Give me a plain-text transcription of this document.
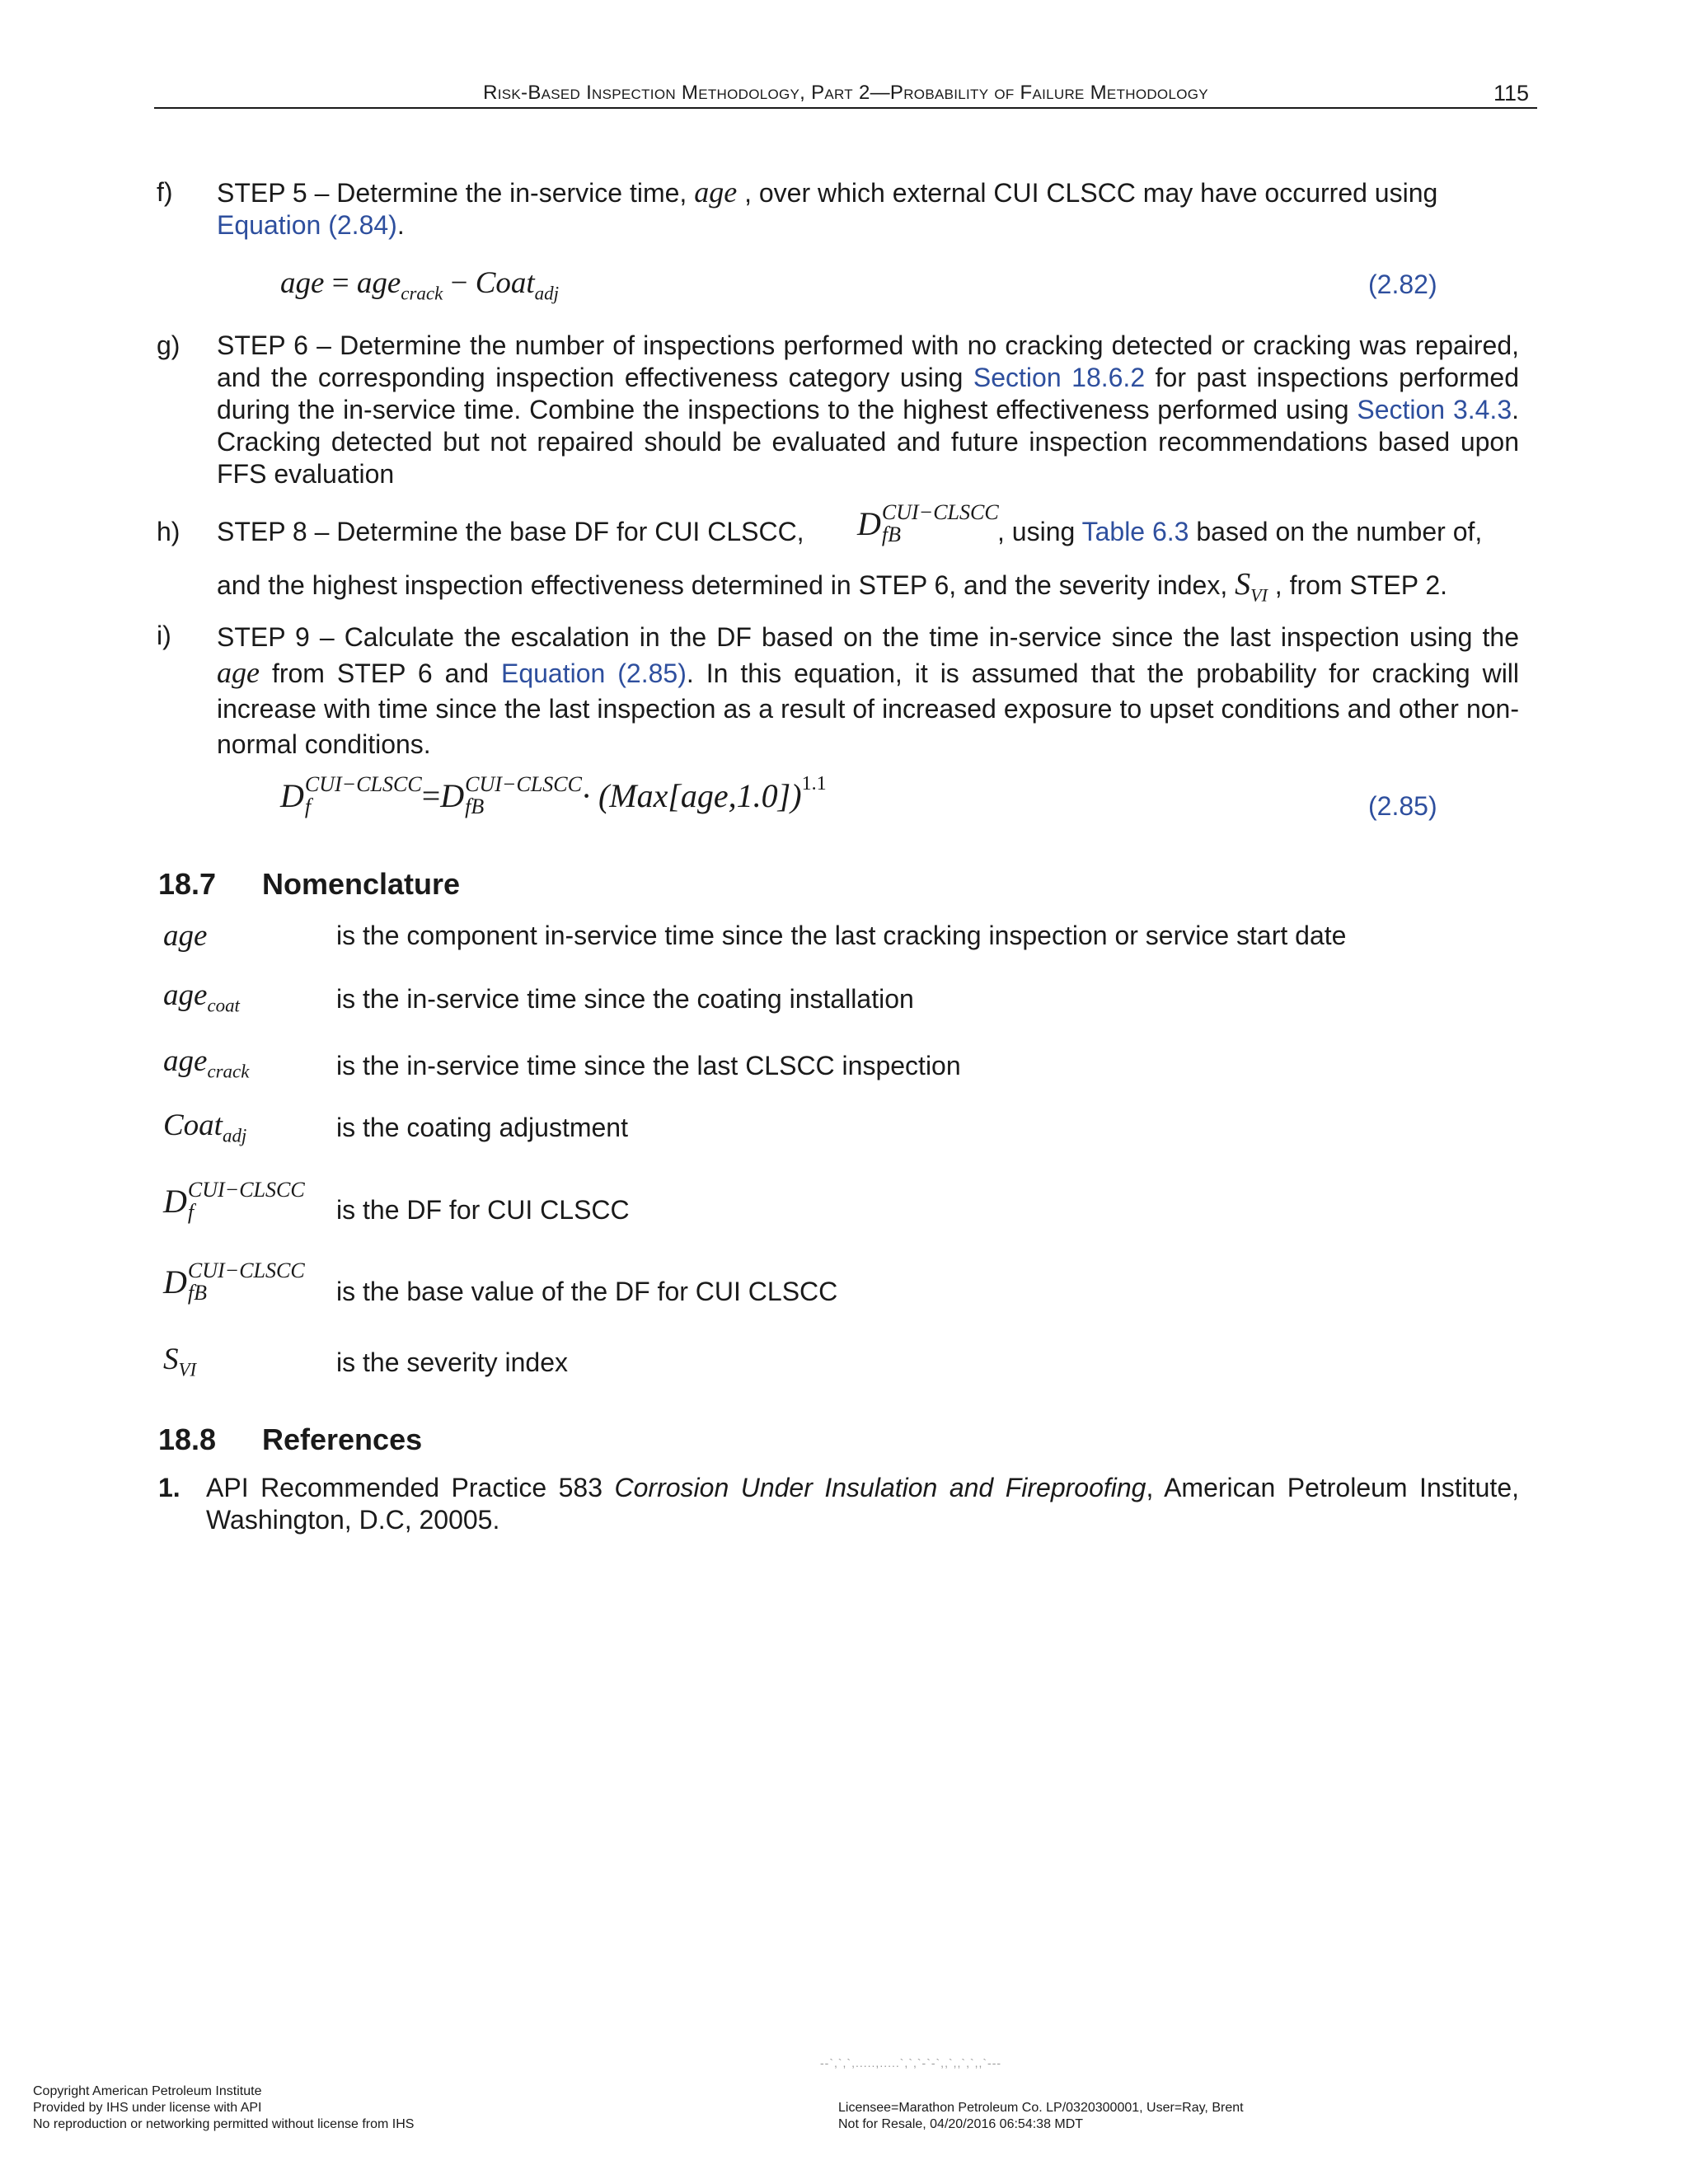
Risk-Based Inspection Methodology, Part 2—Probability of Failure Methodology	115
f) STEP 5 – Determine the in-service time, age , over which external CUI CLSCC may have occurred using
Equation (2.84).
age = age$_{crack}$ − Coat$_{adj}$	(2.82)
g) STEP 6 – Determine the number of inspections performed with no cracking detected or cracking was repaired, and the corresponding inspection effectiveness category using Section 18.6.2 for past inspections performed during the in-service time. Combine the inspections to the highest effectiveness performed using Section 3.4.3. Cracking detected but not repaired should be evaluated and future inspection recommendations based upon FFS evaluation
h) STEP 8 – Determine the base DF for CUI CLSCC,	D CUI−CLSCC
fB	, using Table 6.3 based on the number of,
and the highest inspection effectiveness determined in STEP 6, and the severity index, $S_{VI}$ , from STEP 2.
i) STEP 9 – Calculate the escalation in the DF based on the time in-service since the last inspection using the age from STEP 6 and Equation (2.85). In this equation, it is assumed that the probability for cracking will increase with time since the last inspection as a result of increased exposure to upset conditions and other non-normal conditions.
D CUI−CLSCC
f	= D CUI−CLSCC
fB	· $(Max[age,1.0])^{1.1}$
(2.85)
18.7 Nomenclature
age	is the component in-service time since the last cracking inspection or service start date
age$_{coat}$	is the in-service time since the coating installation
age$_{crack}$	is the in-service time since the last CLSCC inspection
Coat$_{adj}$	is the coating adjustment
D CUI−CLSCC
f	is the DF for CUI CLSCC
D CUI−CLSCC
fB	is the base value of the DF for CUI CLSCC
$S_{VI}$	is the severity index
18.8 References
1. API Recommended Practice 583 Corrosion Under Insulation and Fireproofing, American Petroleum Institute, Washington, D.C, 20005.
--`,`,`,.....,.....`,`,`-`-`,,`,,`,`,,`---
Copyright American Petroleum Institute
Provided by IHS under license with API
No reproduction or networking permitted without license from IHS
Licensee=Marathon Petroleum Co. LP/0320300001, User=Ray, Brent
Not for Resale, 04/20/2016 06:54:38 MDT
